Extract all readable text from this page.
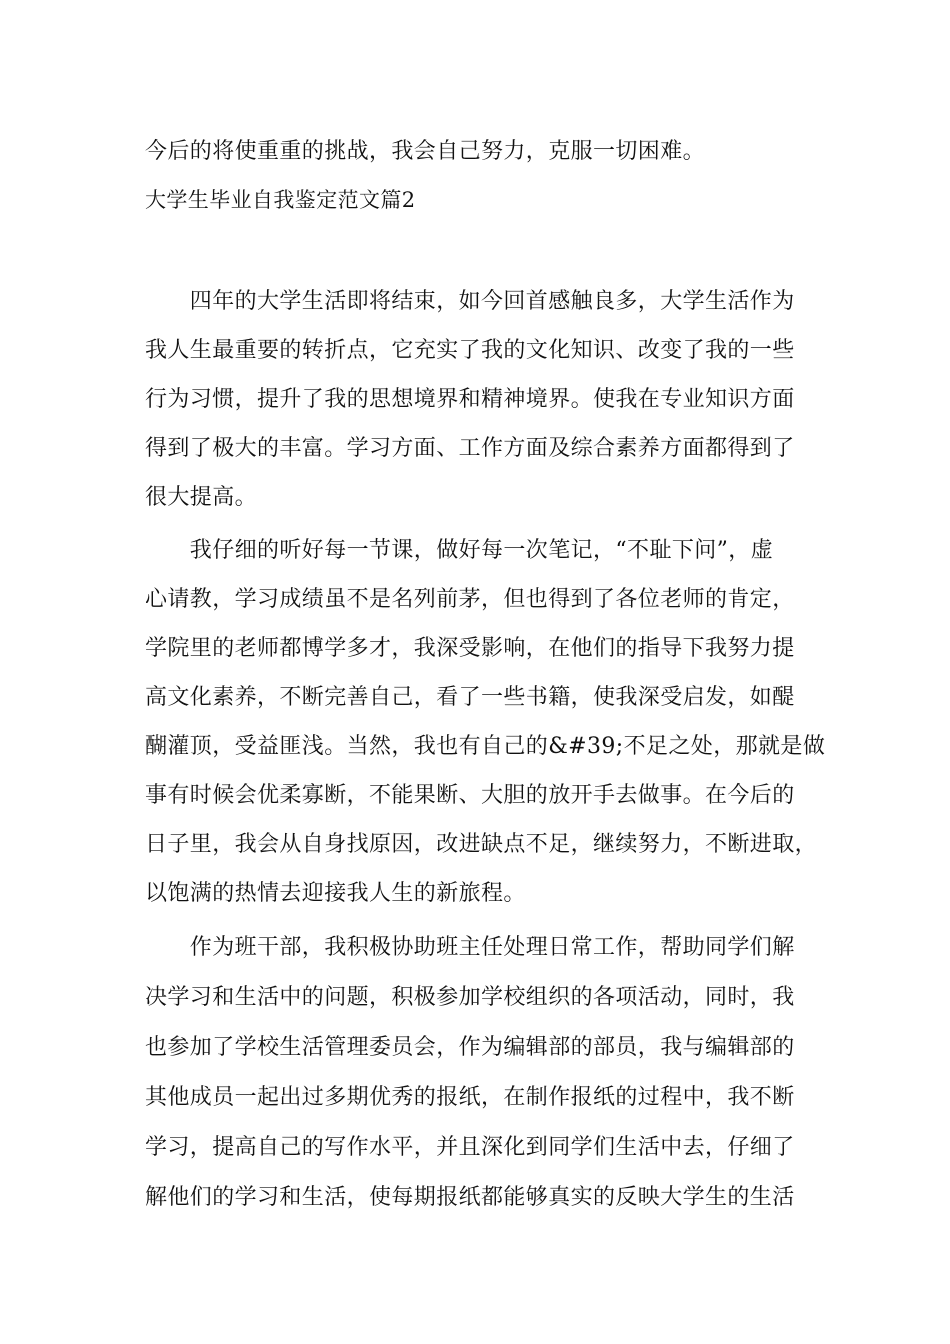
今后的将使重重的挑战，我会自己努力，克服一切困难。
大学生毕业自我鉴定范文篇2
　　四年的大学生活即将结束，如今回首感触良多，大学生活作为
我人生最重要的转折点，它充实了我的文化知识、改变了我的一些
行为习惯，提升了我的思想境界和精神境界。使我在专业知识方面
得到了极大的丰富。学习方面、工作方面及综合素养方面都得到了
很大提高。
　　我仔细的听好每一节课，做好每一次笔记，“不耻下问”，虚
心请教，学习成绩虽不是名列前茅，但也得到了各位老师的肯定，
学院里的老师都博学多才，我深受影响，在他们的指导下我努力提
高文化素养，不断完善自己，看了一些书籍，使我深受启发，如醍
醐灌顶，受益匪浅。当然，我也有自己的&#39;不足之处，那就是做
事有时候会优柔寡断，不能果断、大胆的放开手去做事。在今后的
日子里，我会从自身找原因，改进缺点不足，继续努力，不断进取，
以饱满的热情去迎接我人生的新旅程。
　　作为班干部，我积极协助班主任处理日常工作，帮助同学们解
决学习和生活中的问题，积极参加学校组织的各项活动，同时，我
也参加了学校生活管理委员会，作为编辑部的部员，我与编辑部的
其他成员一起出过多期优秀的报纸，在制作报纸的过程中，我不断
学习，提高自己的写作水平，并且深化到同学们生活中去，仔细了
解他们的学习和生活，使每期报纸都能够真实的反映大学生的生活
